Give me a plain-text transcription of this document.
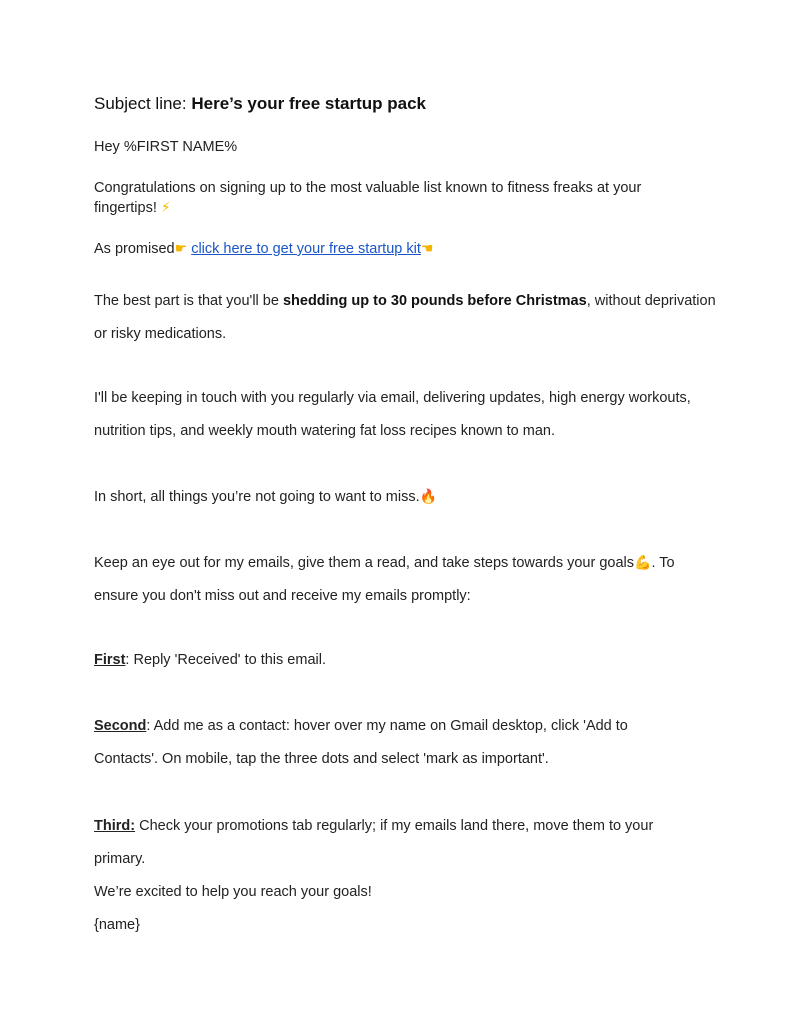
Subject line: Here’s your free startup pack
Hey %FIRST NAME%
Congratulations on signing up to the most valuable list known to fitness freaks at your
fingertips! ⚡
As promised☛ click here to get your free startup kit☚
The best part is that you'll be shedding up to 30 pounds before Christmas, without deprivation
or risky medications.
I'll be keeping in touch with you regularly via email, delivering updates, high energy workouts,
nutrition tips, and weekly mouth watering fat loss recipes known to man.
In short, all things you’re not going to want to miss.🔥
Keep an eye out for my emails, give them a read, and take steps towards your goals💪. To
ensure you don't miss out and receive my emails promptly:
First: Reply 'Received' to this email.
Second: Add me as a contact: hover over my name on Gmail desktop, click 'Add to
Contacts'. On mobile, tap the three dots and select 'mark as important'.
Third: Check your promotions tab regularly; if my emails land there, move them to your
primary.
We’re excited to help you reach your goals!
{name}
